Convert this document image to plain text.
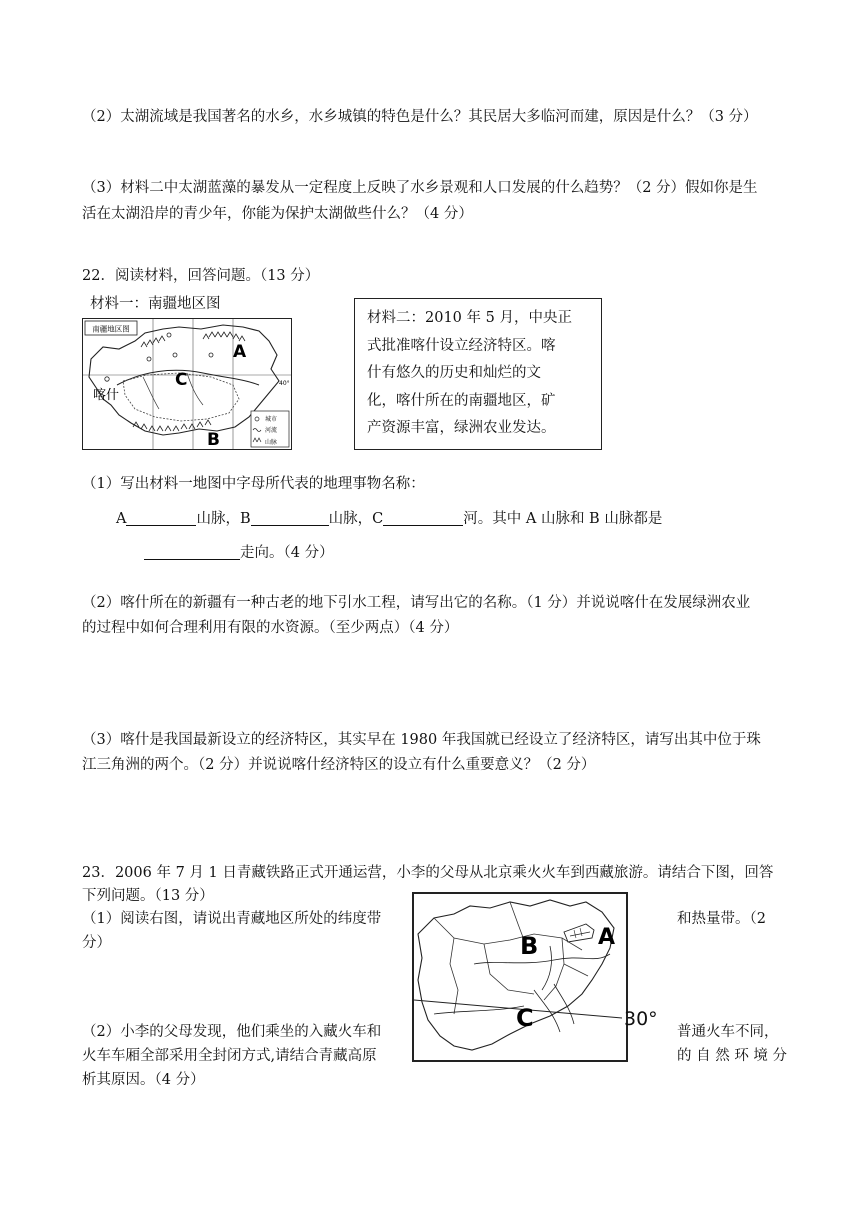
（2）太湖流域是我国著名的水乡，水乡城镇的特色是什么？其民居大多临河而建，原因是什么？（3 分）
（3）材料二中太湖蓝藻的暴发从一定程度上反映了水乡景观和人口发展的什么趋势？（2 分）假如你是生
活在太湖沿岸的青少年，你能为保护太湖做些什么？（4 分）
22．阅读材料，回答问题。（13 分）
材料一：南疆地区图
南疆地区图
A
C
B
喀什
40°
城市
河流
山脉
材料二：2010 年 5 月，中央正
式批准喀什设立经济特区。喀
什有悠久的历史和灿烂的文
化，喀什所在的南疆地区，矿
产资源丰富，绿洲农业发达。
（1）写出材料一地图中字母所代表的地理事物名称：
A	山脉，B	山脉，C	河。其中 A 山脉和 B 山脉都是
走向。（4 分）
（2）喀什所在的新疆有一种古老的地下引水工程，请写出它的名称。（1 分）并说说喀什在发展绿洲农业
的过程中如何合理利用有限的水资源。（至少两点）（4 分）
（3）喀什是我国最新设立的经济特区，其实早在 1980 年我国就已经设立了经济特区，请写出其中位于珠
江三角洲的两个。（2 分）并说说喀什经济特区的设立有什么重要意义？（2 分）
23．2006 年 7 月 1 日青藏铁路正式开通运营，小李的父母从北京乘火火车到西藏旅游。请结合下图，回答
下列问题。（13 分）
（1）阅读右图，请说出青藏地区所处的纬度带	和热量带。（2
分）
（2）小李的父母发现，他们乘坐的入藏火车和	普通火车不同，
火车车厢全部采用全封闭方式,请结合青藏高原	的 自 然 环 境 分
析其原因。（4 分）
B	A
C	30°
